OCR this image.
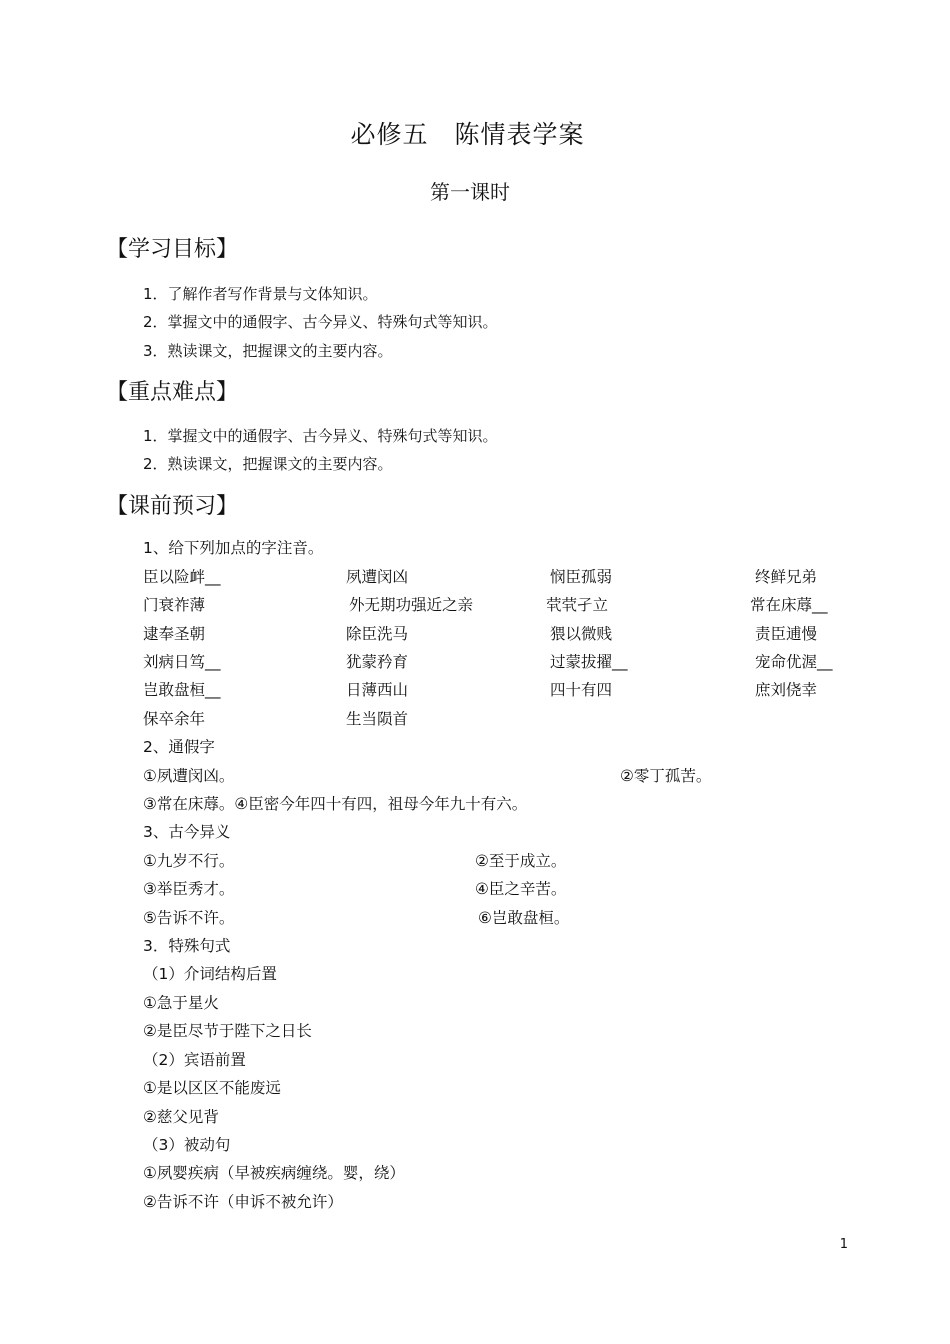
必修五　陈情表学案
第一课时
【学习目标】
1．了解作者写作背景与文体知识。
2．掌握文中的通假字、古今异义、特殊句式等知识。
3．熟读课文，把握课文的主要内容。
【重点难点】
1．掌握文中的通假字、古今异义、特殊句式等知识。
2．熟读课文，把握课文的主要内容。
【课前预习】
1、给下列加点的字注音。
臣以险衅__	夙遭闵凶	悯臣孤弱	终鲜兄弟
门衰祚薄	外无期功强近之亲	茕茕孑立	常在床蓐__
逮奉圣朝	除臣洗马	猥以微贱	责臣逋慢
刘病日笃__	犹蒙矜育	过蒙拔擢__	宠命优渥__
岂敢盘桓__	日薄西山	四十有四	庶刘侥幸
保卒余年	生当陨首
2、通假字
①夙遭闵凶。	②零丁孤苦。
③常在床蓐。④臣密今年四十有四，祖母今年九十有六。
3、古今异义
①九岁不行。	②至于成立。
③举臣秀才。	④臣之辛苦。
⑤告诉不许。	⑥岂敢盘桓。
3．特殊句式
（1）介词结构后置
①急于星火
②是臣尽节于陛下之日长
（2）宾语前置
①是以区区不能废远
②慈父见背
（3）被动句
①夙婴疾病（早被疾病缠绕。婴，绕）
②告诉不许（申诉不被允许）
1
